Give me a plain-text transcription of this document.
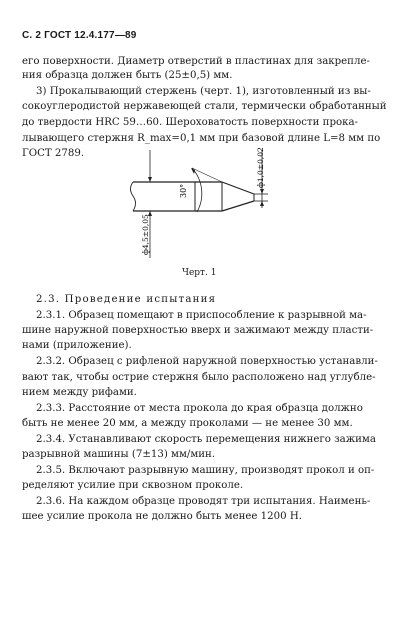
С. 2 ГОСТ 12.4.177—89
его поверхности. Диаметр отверстий в пластинах для закрепле-
ния образца должен быть (25±0,5) мм.
3) Прокалывающий стержень (черт. 1), изготовленный из вы-
сокоуглеродистой нержавеющей стали, термически обработанный
до твердости HRC 59…60. Шероховатость поверхности прока-
лывающего стержня R_max=0,1 мм при базовой длине L=8 мм по
ГОСТ 2789.
30°
ф1,0±0,02
ф4,5±0,05
Черт. 1
2.3. Проведение испытания
2.3.1. Образец помещают в приспособление к разрывной ма-
шине наружной поверхностью вверх и зажимают между пласти-
нами (приложение).
2.3.2. Образец с рифленой наружной поверхностью устанавли-
вают так, чтобы острие стержня было расположено над углубле-
нием между рифами.
2.3.3. Расстояние от места прокола до края образца должно
быть не менее 20 мм, а между проколами — не менее 30 мм.
2.3.4. Устанавливают скорость перемещения нижнего зажима
разрывной машины (7±13) мм/мин.
2.3.5. Включают разрывную машину, производят прокол и оп-
ределяют усилие при сквозном проколе.
2.3.6. На каждом образце проводят три испытания. Наимень-
шее усилие прокола не должно быть менее 1200 Н.
